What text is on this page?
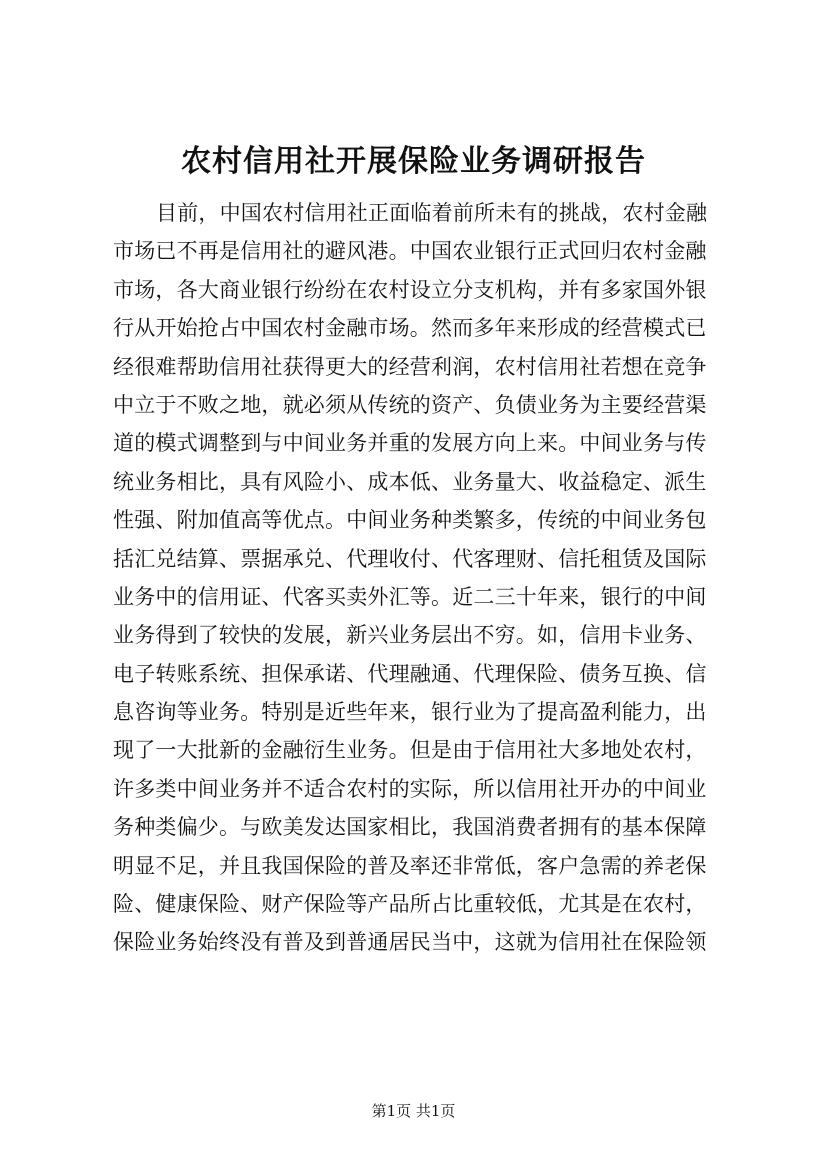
农村信用社开展保险业务调研报告
目前，中国农村信用社正面临着前所未有的挑战，农村金融
市场已不再是信用社的避风港。中国农业银行正式回归农村金融
市场，各大商业银行纷纷在农村设立分支机构，并有多家国外银
行从开始抢占中国农村金融市场。然而多年来形成的经营模式已
经很难帮助信用社获得更大的经营利润，农村信用社若想在竞争
中立于不败之地，就必须从传统的资产、负债业务为主要经营渠
道的模式调整到与中间业务并重的发展方向上来。中间业务与传
统业务相比，具有风险小、成本低、业务量大、收益稳定、派生
性强、附加值高等优点。中间业务种类繁多，传统的中间业务包
括汇兑结算、票据承兑、代理收付、代客理财、信托租赁及国际
业务中的信用证、代客买卖外汇等。近二三十年来，银行的中间
业务得到了较快的发展，新兴业务层出不穷。如，信用卡业务、
电子转账系统、担保承诺、代理融通、代理保险、债务互换、信
息咨询等业务。特别是近些年来，银行业为了提高盈利能力，出
现了一大批新的金融衍生业务。但是由于信用社大多地处农村，
许多类中间业务并不适合农村的实际，所以信用社开办的中间业
务种类偏少。与欧美发达国家相比，我国消费者拥有的基本保障
明显不足，并且我国保险的普及率还非常低，客户急需的养老保
险、健康保险、财产保险等产品所占比重较低，尤其是在农村，
保险业务始终没有普及到普通居民当中，这就为信用社在保险领
第1页 共1页
